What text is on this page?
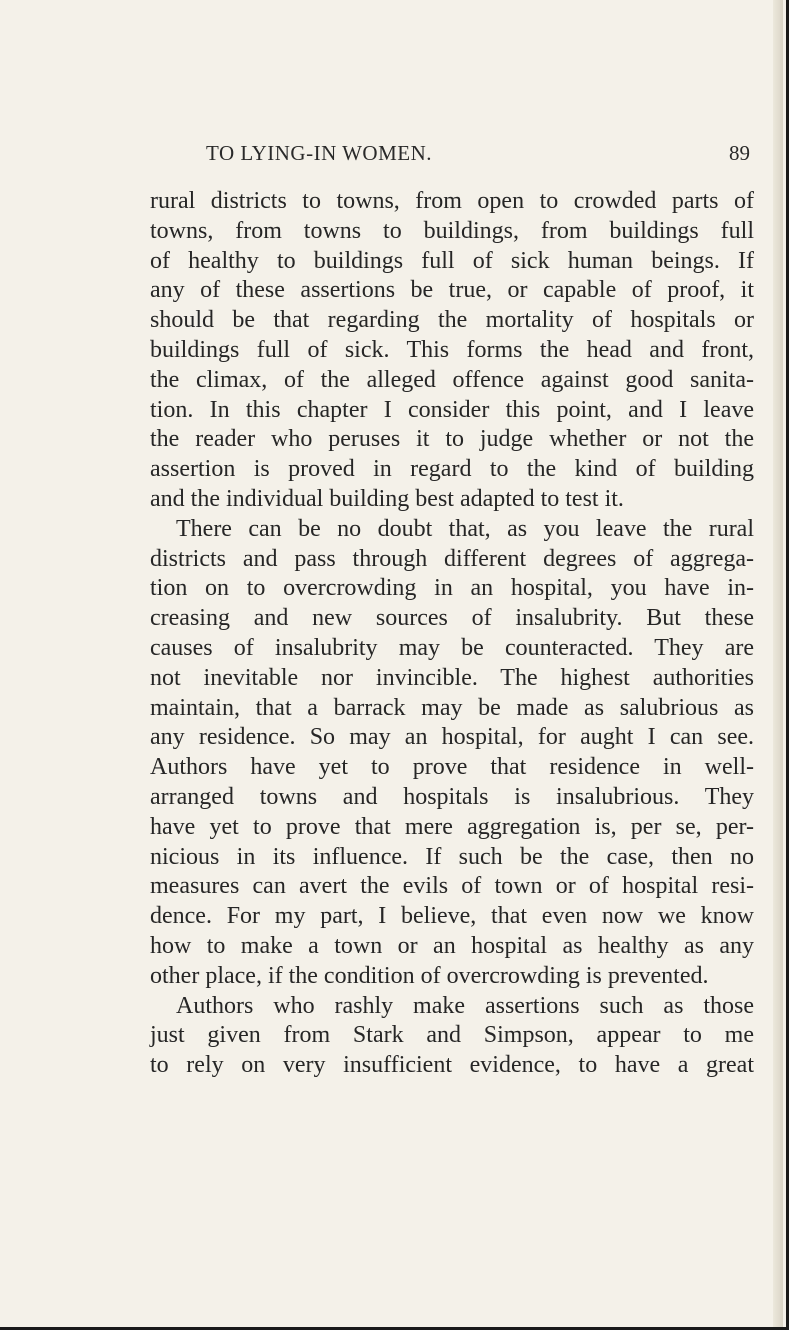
TO LYING-IN WOMEN.	89
rural districts to towns, from open to crowded parts of
towns, from towns to buildings, from buildings full
of healthy to buildings full of sick human beings. If
any of these assertions be true, or capable of proof, it
should be that regarding the mortality of hospitals or
buildings full of sick. This forms the head and front,
the climax, of the alleged offence against good sanita-
tion. In this chapter I consider this point, and I leave
the reader who peruses it to judge whether or not the
assertion is proved in regard to the kind of building
and the individual building best adapted to test it.
There can be no doubt that, as you leave the rural
districts and pass through different degrees of aggrega-
tion on to overcrowding in an hospital, you have in-
creasing and new sources of insalubrity. But these
causes of insalubrity may be counteracted. They are
not inevitable nor invincible. The highest authorities
maintain, that a barrack may be made as salubrious as
any residence. So may an hospital, for aught I can see.
Authors have yet to prove that residence in well-
arranged towns and hospitals is insalubrious. They
have yet to prove that mere aggregation is, per se, per-
nicious in its influence. If such be the case, then no
measures can avert the evils of town or of hospital resi-
dence. For my part, I believe, that even now we know
how to make a town or an hospital as healthy as any
other place, if the condition of overcrowding is prevented.
Authors who rashly make assertions such as those
just given from Stark and Simpson, appear to me
to rely on very insufficient evidence, to have a great
